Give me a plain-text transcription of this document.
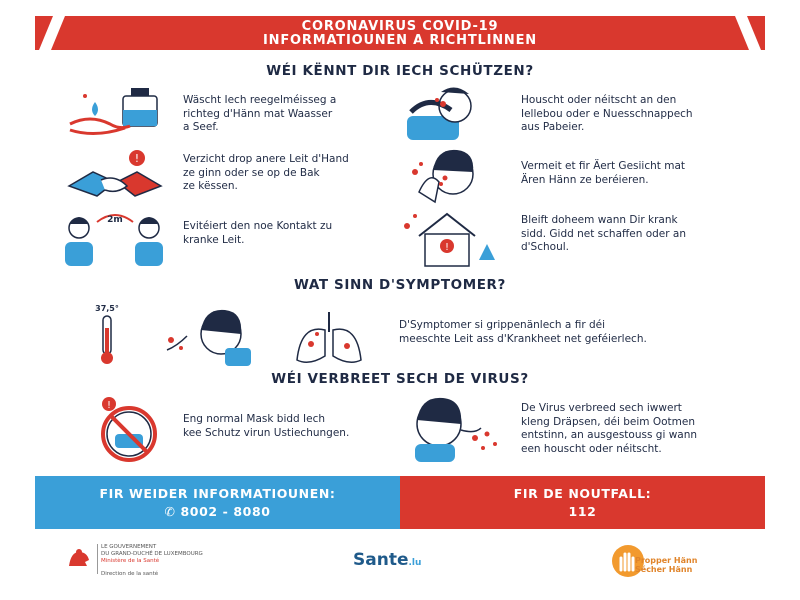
CORONAVIRUS COVID-19
INFORMATIOUNEN A RICHTLINNEN
WÉI KËNNT DIR IECH SCHÜTZEN?
Wäscht Iech reegelméisseg a
richteg d'Hänn mat Waasser
a Seef.
Houscht oder néitscht an den
Iellebou oder e Nuesschnappech
aus Pabeier.
!	Verzicht drop anere Leit d'Hand
ze ginn oder se op de Bak
ze këssen.
Vermeit et fir Äert Gesiicht mat
Ären Hänn ze beréieren.
2m	Evitéiert den noe Kontakt zu
kranke Leit.
!
Bleift doheem wann Dir krank
sidd. Gidd net schaffen oder an
d'Schoul.
WAT SINN D'SYMPTOMER?
37,5°
D'Symptomer si grippenänlech a fir déi
meeschte Leit ass d'Krankheet net geféierlech.
WÉI VERBREET SECH DE VIRUS?
!
Eng normal Mask bidd Iech
kee Schutz virun Ustiechungen.
De Virus verbreed sech iwwert
kleng Dräpsen, déi beim Ootmen
entstinn, an ausgestouss gi wann
een houscht oder néitscht.
FIR WEIDER INFORMATIOUNEN:
✆ 8002 - 8080
FIR DE NOUTFALL:
112
LE GOUVERNEMENT
DU GRAND-DUCHÉ DE LUXEMBOURG
Ministère de la Santé
Direction de la santé
Sante.lu	Propper Hänn
Sécher Hänn
